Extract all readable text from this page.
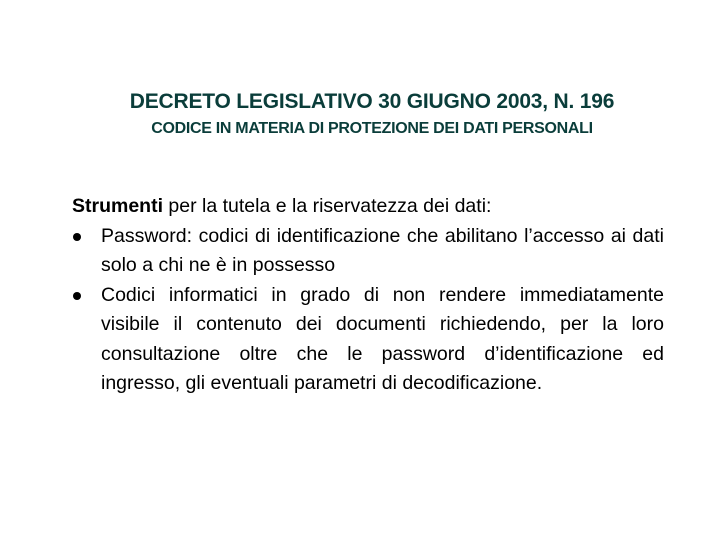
DECRETO LEGISLATIVO 30 GIUGNO 2003, N. 196
CODICE IN MATERIA DI PROTEZIONE DEI DATI PERSONALI

Strumenti per la tutela e la riservatezza dei dati:

Password: codici di identificazione che abilitano l’accesso ai dati solo a chi ne è in possesso
Codici informatici in grado di non rendere immediatamente visibile il contenuto dei documenti richiedendo, per la loro consultazione oltre che le password d’identificazione ed ingresso, gli eventuali parametri di decodificazione.
